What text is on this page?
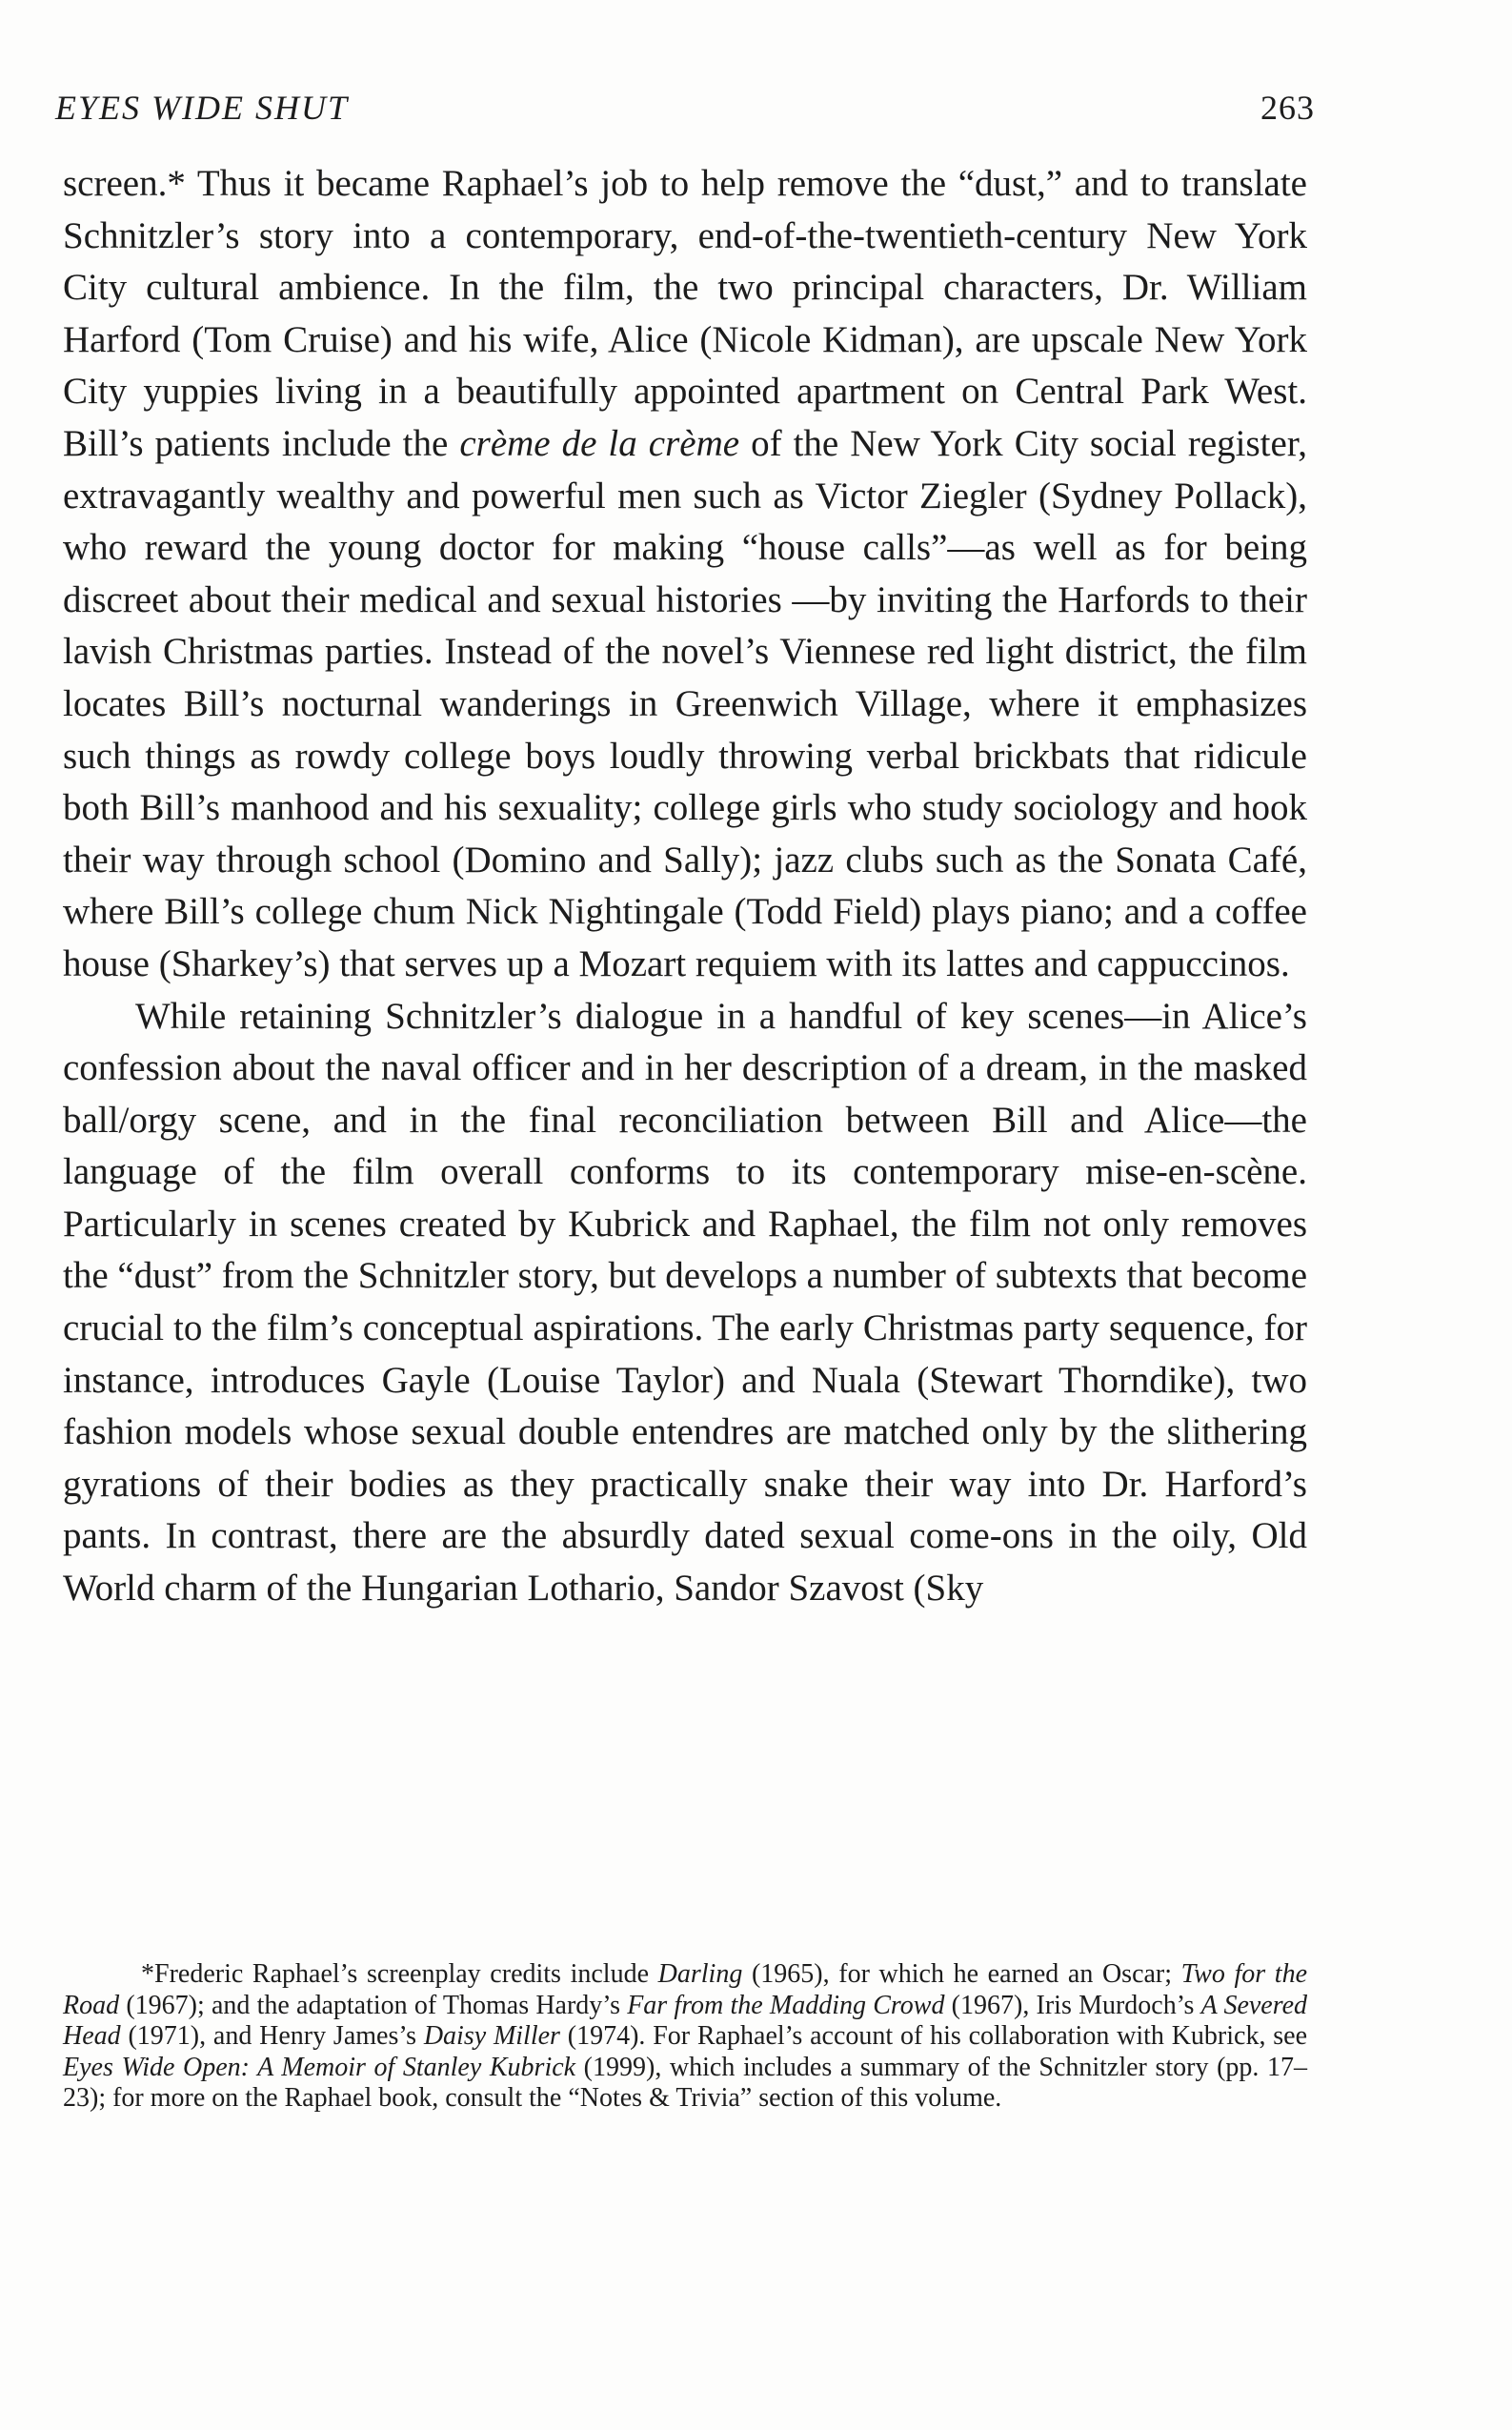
EYES WIDE SHUT	263

screen.* Thus it became Raphael’s job to help remove the “dust,” and to translate Schnitzler’s story into a contemporary, end-of-the-twentieth-century New York City cultural ambience. In the film, the two principal characters, Dr. William Harford (Tom Cruise) and his wife, Alice (Nicole Kidman), are upscale New York City yuppies living in a beautifully appointed apartment on Central Park West. Bill’s patients include the crème de la crème of the New York City social register, extravagantly wealthy and powerful men such as Victor Ziegler (Sydney Pollack), who reward the young doctor for making “house calls”—as well as for being discreet about their medical and sexual histories —by inviting the Harfords to their lavish Christmas parties. Instead of the novel’s Viennese red light district, the film locates Bill’s nocturnal wanderings in Greenwich Village, where it emphasizes such things as rowdy college boys loudly throwing verbal brickbats that ridicule both Bill’s manhood and his sexuality; college girls who study sociology and hook their way through school (Domino and Sally); jazz clubs such as the Sonata Café, where Bill’s college chum Nick Nightingale (Todd Field) plays piano; and a coffee house (Sharkey’s) that serves up a Mozart requiem with its lattes and cappuccinos.

While retaining Schnitzler’s dialogue in a handful of key scenes—in Alice’s confession about the naval officer and in her description of a dream, in the masked ball/orgy scene, and in the final reconciliation between Bill and Alice—the language of the film overall conforms to its contemporary mise-en-scène. Particularly in scenes created by Kubrick and Raphael, the film not only removes the “dust” from the Schnitzler story, but develops a number of subtexts that become crucial to the film’s conceptual aspirations. The early Christmas party sequence, for instance, introduces Gayle (Louise Taylor) and Nuala (Stewart Thorndike), two fashion models whose sexual double entendres are matched only by the slithering gyrations of their bodies as they practically snake their way into Dr. Harford’s pants. In contrast, there are the absurdly dated sexual come-ons in the oily, Old World charm of the Hungarian Lothario, Sandor Szavost (Sky

*Frederic Raphael’s screenplay credits include Darling (1965), for which he earned an Oscar; Two for the Road (1967); and the adaptation of Thomas Hardy’s Far from the Madding Crowd (1967), Iris Murdoch’s A Severed Head (1971), and Henry James’s Daisy Miller (1974). For Raphael’s account of his collaboration with Kubrick, see Eyes Wide Open: A Memoir of Stanley Kubrick (1999), which includes a summary of the Schnitzler story (pp. 17–23); for more on the Raphael book, consult the “Notes & Trivia” section of this volume.
